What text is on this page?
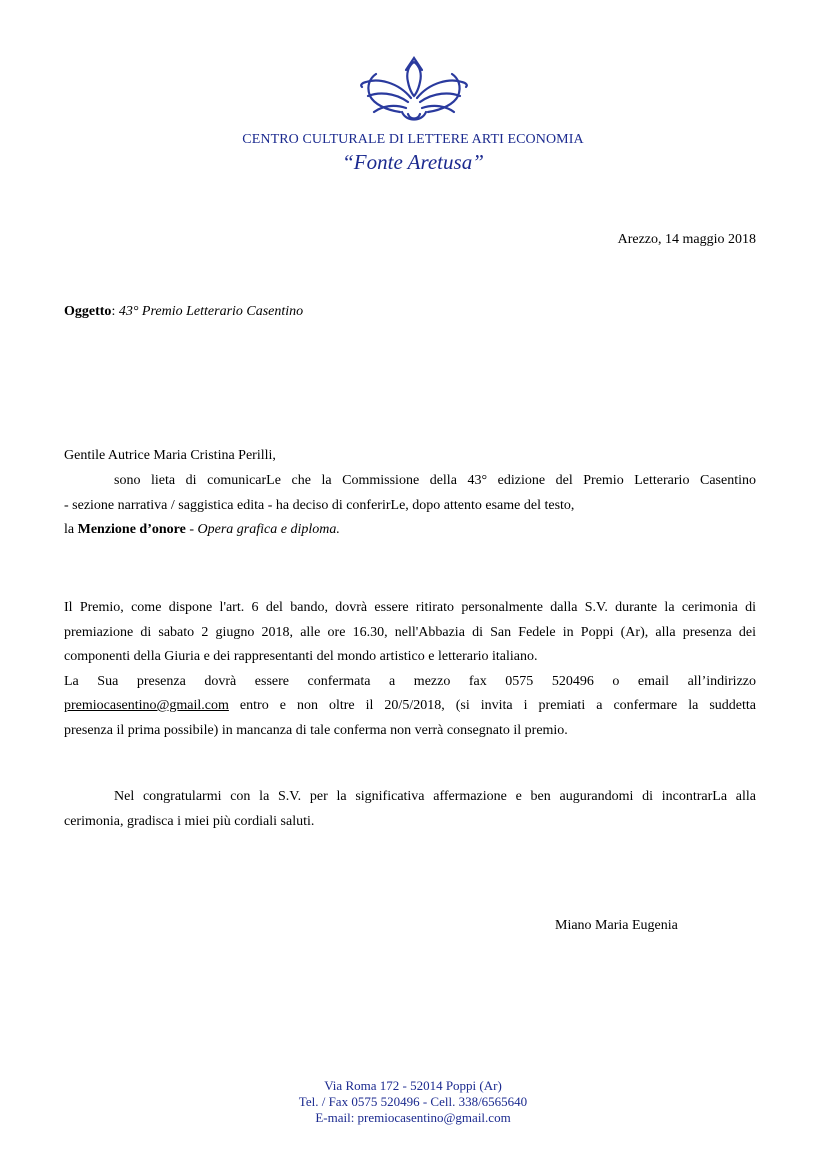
CENTRO CULTURALE DI LETTERE ARTI ECONOMIA
“Fonte Aretusa”
Arezzo, 14 maggio 2018
Oggetto: 43° Premio Letterario Casentino
Gentile Autrice Maria Cristina Perilli,
sono lieta di comunicarLe che la Commissione della 43° edizione del Premio Letterario Casentino
- sezione narrativa / saggistica edita - ha deciso di conferirLe, dopo attento esame del testo,
la Menzione d’onore - Opera grafica e diploma.
Il Premio, come dispone l'art. 6 del bando, dovrà essere ritirato personalmente dalla S.V. durante la cerimonia di
premiazione di sabato 2 giugno 2018, alle ore 16.30, nell'Abbazia di San Fedele in Poppi (Ar), alla presenza dei
componenti della Giuria e dei rappresentanti del mondo artistico e letterario italiano.
La Sua presenza dovrà essere confermata a mezzo fax 0575 520496 o email all’indirizzo
premiocasentino@gmail.com entro e non oltre il 20/5/2018, (si invita i premiati a confermare la suddetta
presenza il prima possibile) in mancanza di tale conferma non verrà consegnato il premio.
Nel congratularmi con la S.V. per la significativa affermazione e ben augurandomi di incontrarLa alla
cerimonia, gradisca i miei più cordiali saluti.
Miano Maria Eugenia
Via Roma 172 - 52014 Poppi (Ar)
Tel. / Fax 0575 520496 - Cell. 338/6565640
E-mail: premiocasentino@gmail.com
